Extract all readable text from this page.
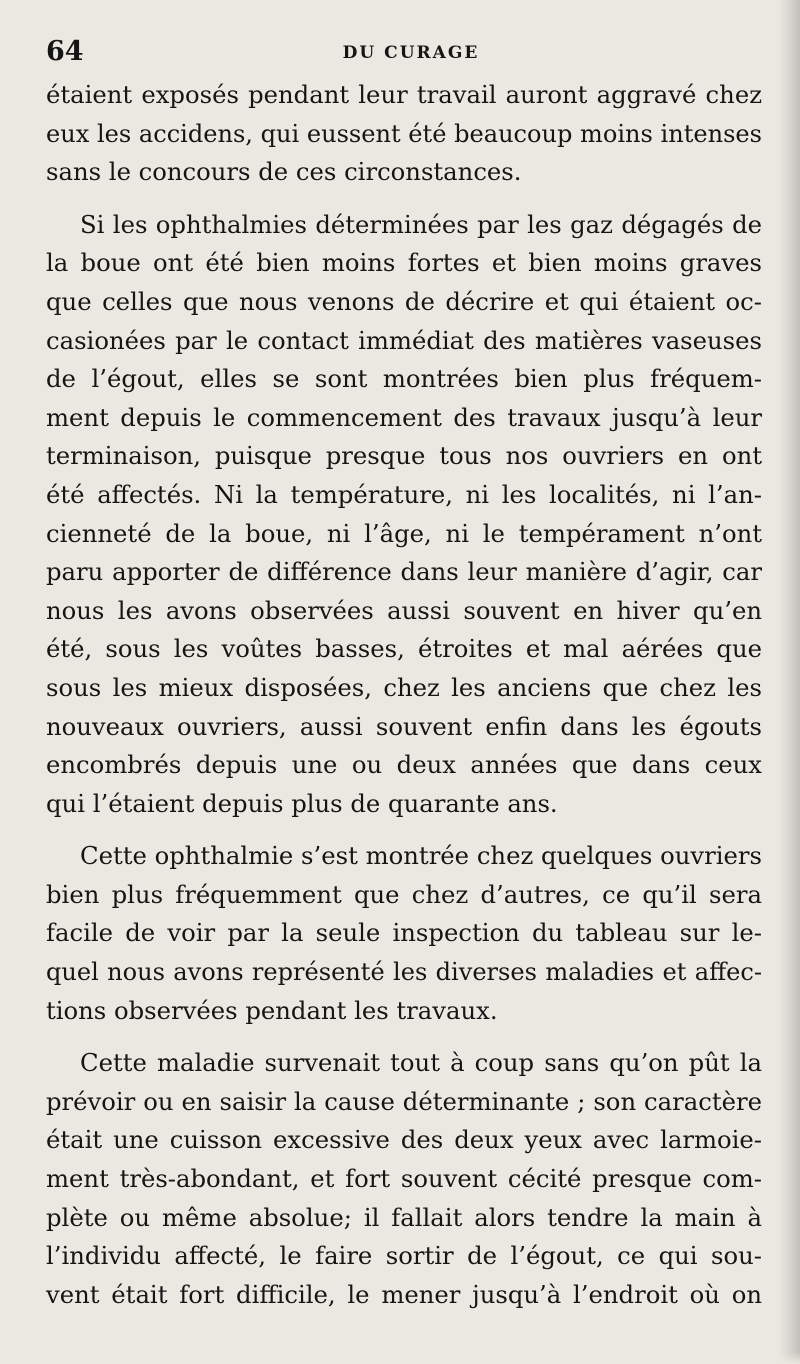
64	DU CURAGE
étaient exposés pendant leur travail auront aggravé chez
eux les accidens, qui eussent été beaucoup moins intenses
sans le concours de ces circonstances.
Si les ophthalmies déterminées par les gaz dégagés de
la boue ont été bien moins fortes et bien moins graves
que celles que nous venons de décrire et qui étaient oc-
casionées par le contact immédiat des matières vaseuses
de l’égout, elles se sont montrées bien plus fréquem-
ment depuis le commencement des travaux jusqu’à leur
terminaison, puisque presque tous nos ouvriers en ont
été affectés. Ni la température, ni les localités, ni l’an-
cienneté de la boue, ni l’âge, ni le tempérament n’ont
paru apporter de différence dans leur manière d’agir, car
nous les avons observées aussi souvent en hiver qu’en
été, sous les voûtes basses, étroites et mal aérées que
sous les mieux disposées, chez les anciens que chez les
nouveaux ouvriers, aussi souvent enfin dans les égouts
encombrés depuis une ou deux années que dans ceux
qui l’étaient depuis plus de quarante ans.
Cette ophthalmie s’est montrée chez quelques ouvriers
bien plus fréquemment que chez d’autres, ce qu’il sera
facile de voir par la seule inspection du tableau sur le-
quel nous avons représenté les diverses maladies et affec-
tions observées pendant les travaux.
Cette maladie survenait tout à coup sans qu’on pût la
prévoir ou en saisir la cause déterminante ; son caractère
était une cuisson excessive des deux yeux avec larmoie-
ment très-abondant, et fort souvent cécité presque com-
plète ou même absolue; il fallait alors tendre la main à
l’individu affecté, le faire sortir de l’égout, ce qui sou-
vent était fort difficile, le mener jusqu’à l’endroit où on
